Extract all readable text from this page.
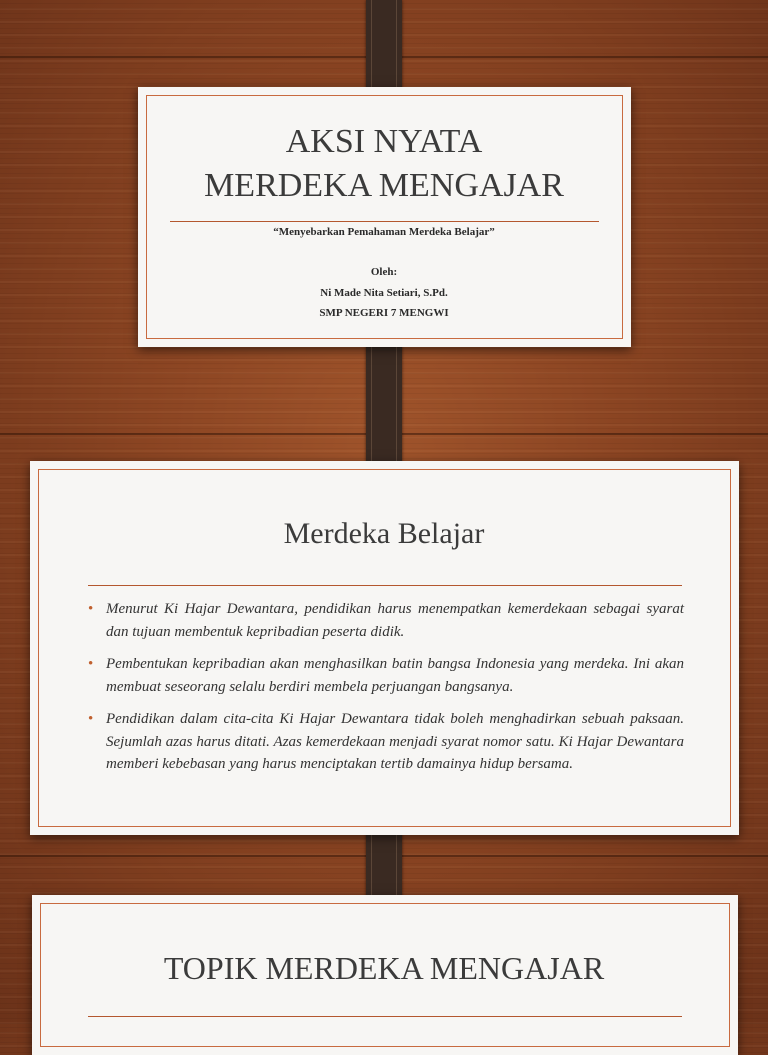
AKSI NYATA
MERDEKA MENGAJAR
“Menyebarkan Pemahaman Merdeka Belajar”
Oleh:
Ni Made Nita Setiari, S.Pd.
SMP NEGERI 7 MENGWI
Merdeka Belajar
• Menurut Ki Hajar Dewantara, pendidikan harus menempatkan kemerdekaan sebagai syarat dan tujuan membentuk kepribadian peserta didik.
• Pembentukan kepribadian akan menghasilkan batin bangsa Indonesia yang merdeka. Ini akan membuat seseorang selalu berdiri membela perjuangan bangsanya.
• Pendidikan dalam cita-cita Ki Hajar Dewantara tidak boleh menghadirkan sebuah paksaan. Sejumlah azas harus ditati. Azas kemerdekaan menjadi syarat nomor satu. Ki Hajar Dewantara memberi kebebasan yang harus menciptakan tertib damainya hidup bersama.
TOPIK MERDEKA MENGAJAR
